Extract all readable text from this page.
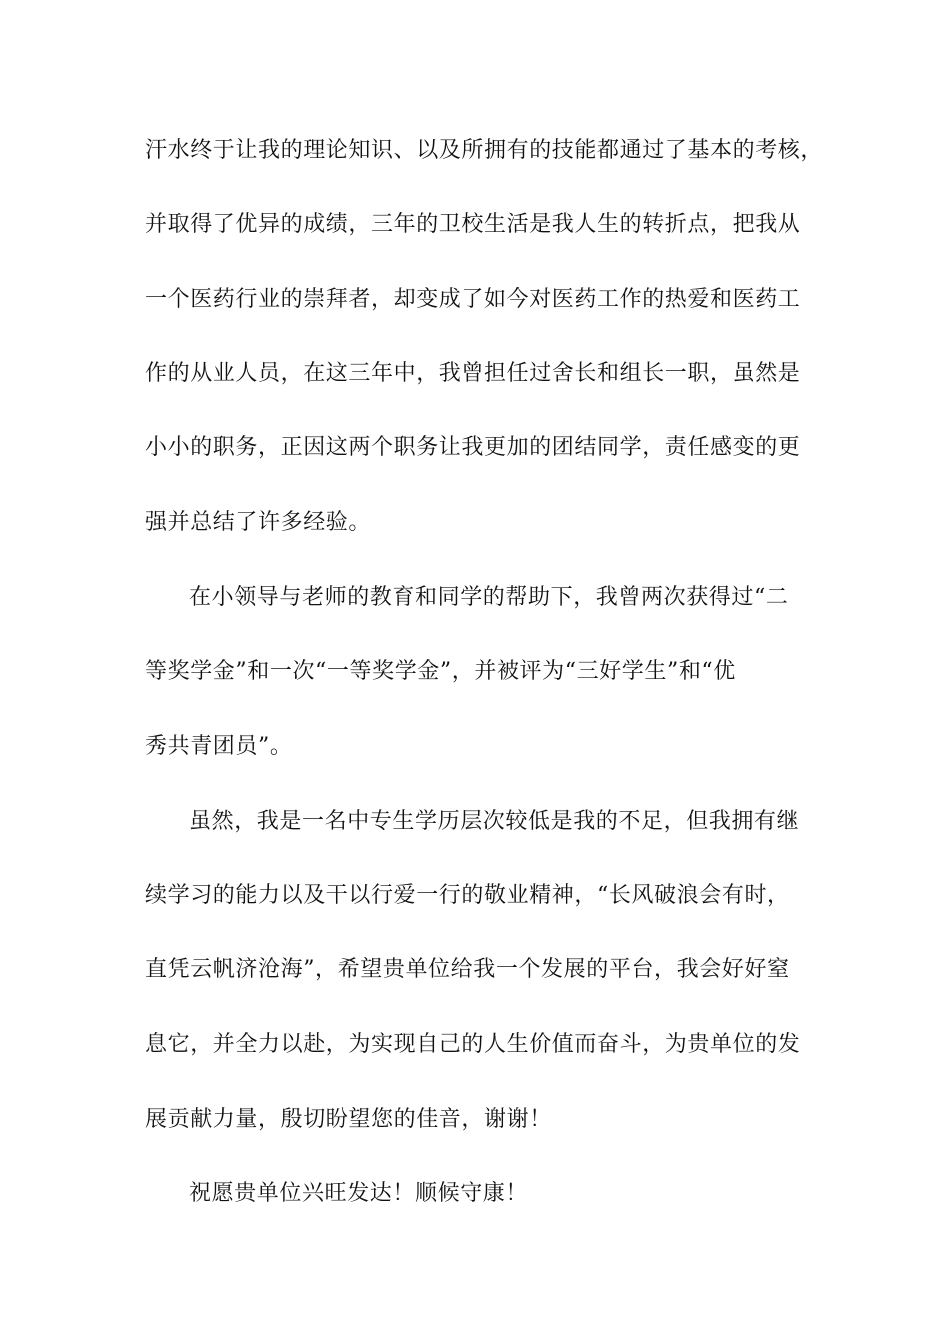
汗水终于让我的理论知识、以及所拥有的技能都通过了基本的考核，
并取得了优异的成绩，三年的卫校生活是我人生的转折点，把我从
一个医药行业的崇拜者，却变成了如今对医药工作的热爱和医药工
作的从业人员，在这三年中，我曾担任过舍长和组长一职，虽然是
小小的职务，正因这两个职务让我更加的团结同学，责任感变的更
强并总结了许多经验。
在小领导与老师的教育和同学的帮助下，我曾两次获得过“二
等奖学金”和一次“一等奖学金”，并被评为“三好学生”和“优
秀共青团员”。
虽然，我是一名中专生学历层次较低是我的不足，但我拥有继
续学习的能力以及干以行爱一行的敬业精神，“长风破浪会有时，
直凭云帆济沧海”，希望贵单位给我一个发展的平台，我会好好窒
息它，并全力以赴，为实现自己的人生价值而奋斗，为贵单位的发
展贡献力量，殷切盼望您的佳音，谢谢！
祝愿贵单位兴旺发达！顺候守康！
